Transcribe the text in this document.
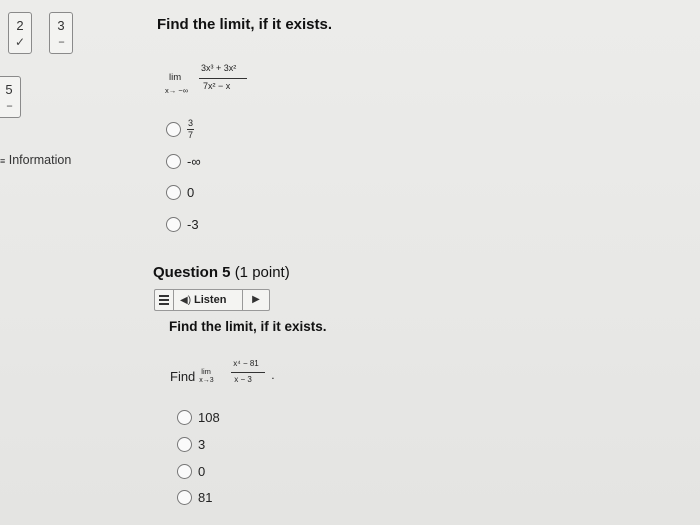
2
✓
3
--
5
--
≡ Information
Find the limit, if it exists.
lim
x→ −∞
3x³ + 3x²
7x² − x
$\frac{3}{7}$
-∞
0
-3
Question 5 (1 point)
◀) Listen	▶
Find the limit, if it exists.
Find lim
x→3
x⁴ − 81
x − 3 .
108
3
0
81
